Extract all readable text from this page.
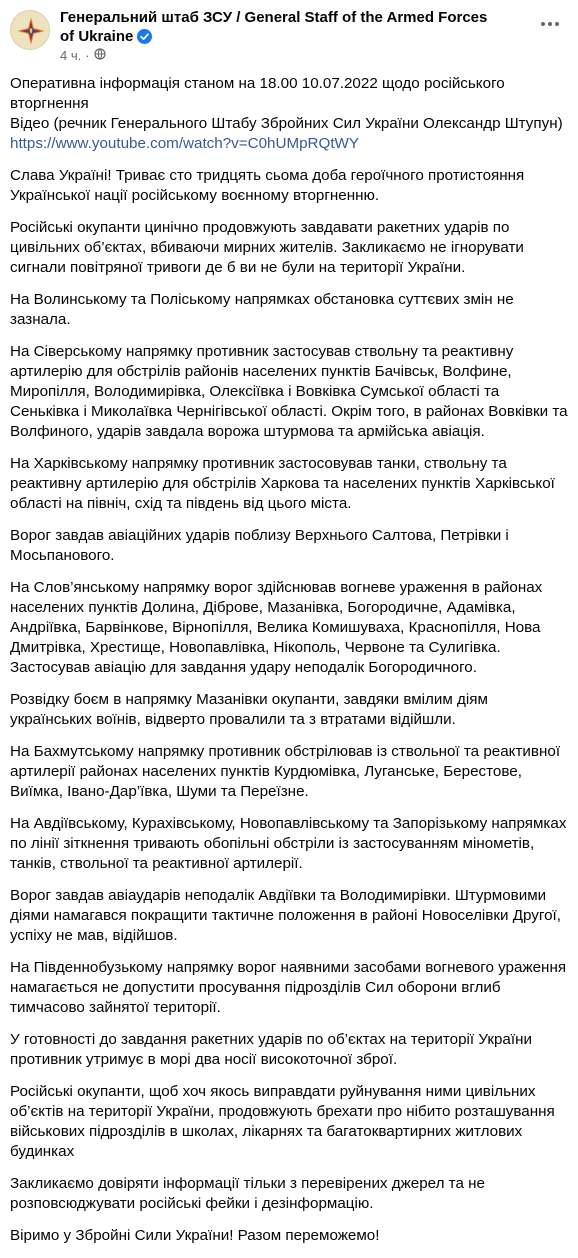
Генеральний штаб ЗСУ / General Staff of the Armed Forces of Ukraine
4 ч. ·

Оперативна інформація станом на 18.00 10.07.2022 щодо російського вторгнення
Відео (речник Генерального Штабу Збройних Сил України Олександр Штупун)
https://www.youtube.com/watch?v=C0hUMpRQtWY

Слава Україні! Триває сто тридцять сьома доба героїчного протистояння Української нації російському воєнному вторгненню.

Російські окупанти цинічно продовжують завдавати ракетних ударів по цивільних об’єктах, вбиваючи мирних жителів. Закликаємо не ігнорувати сигнали повітряної тривоги де б ви не були на території України.

На Волинському та Поліському напрямках обстановка суттєвих змін не зазнала.

На Сіверському напрямку противник застосував ствольну та реактивну артилерію для обстрілів районів населених пунктів Бачівськ, Волфине, Миропілля, Володимирівка, Олексіївка і Вовківка Сумської області та Сеньківка і Миколаївка Чернігівської області. Окрім того, в районах Вовківки та Волфиного, ударів завдала ворожа штурмова та армійська авіація.

На Харківському напрямку противник застосовував танки, ствольну та реактивну артилерію для обстрілів Харкова та населених пунктів Харківської області на північ, схід та південь від цього міста.

Ворог завдав авіаційних ударів поблизу Верхнього Салтова, Петрівки і Мосьпанового.

На Слов’янському напрямку ворог здійснював вогневе ураження в районах населених пунктів Долина, Діброве, Мазанівка, Богородичне, Адамівка, Андріївка, Барвінкове, Вірнопілля, Велика Комишуваха, Краснопілля, Нова Дмитрівка, Хрестище, Новопавлівка, Нікополь, Червоне та Сулигівка. Застосував авіацію для завдання удару неподалік Богородичного.

Розвідку боєм в напрямку Мазанівки окупанти, завдяки вмілим діям українських воїнів, відверто провалили та з втратами відійшли.

На Бахмутському напрямку противник обстрілював із ствольної та реактивної артилерії районах населених пунктів Курдюмівка, Луганське, Берестове, Виїмка, Івано-Дар’ївка, Шуми та Переїзне.

На Авдіївському, Курахівському, Новопавлівському та Запорізькому напрямках по лінії зіткнення тривають обопільні обстріли із застосуванням мінометів, танків, ствольної та реактивної артилерії.

Ворог завдав авіаударів неподалік Авдіївки та Володимирівки. Штурмовими діями намагався покращити тактичне положення в районі Новоселівки Другої, успіху не мав, відійшов.

На Південнобузькому напрямку ворог наявними засобами вогневого ураження намагається не допустити просування підрозділів Сил оборони вглиб тимчасово зайнятої території.

У готовності до завдання ракетних ударів по об’єктах на території України противник утримує в морі два носії високоточної зброї.

Російські окупанти, щоб хоч якось виправдати руйнування ними цивільних об’єктів на території України, продовжують брехати про нібито розташування військових підрозділів в школах, лікарнях та багатоквартирних житлових будинках

Закликаємо довіряти інформації тільки з перевірених джерел та не розповсюджувати російські фейки і дезінформацію.

Віримо у Збройні Сили України! Разом переможемо!
